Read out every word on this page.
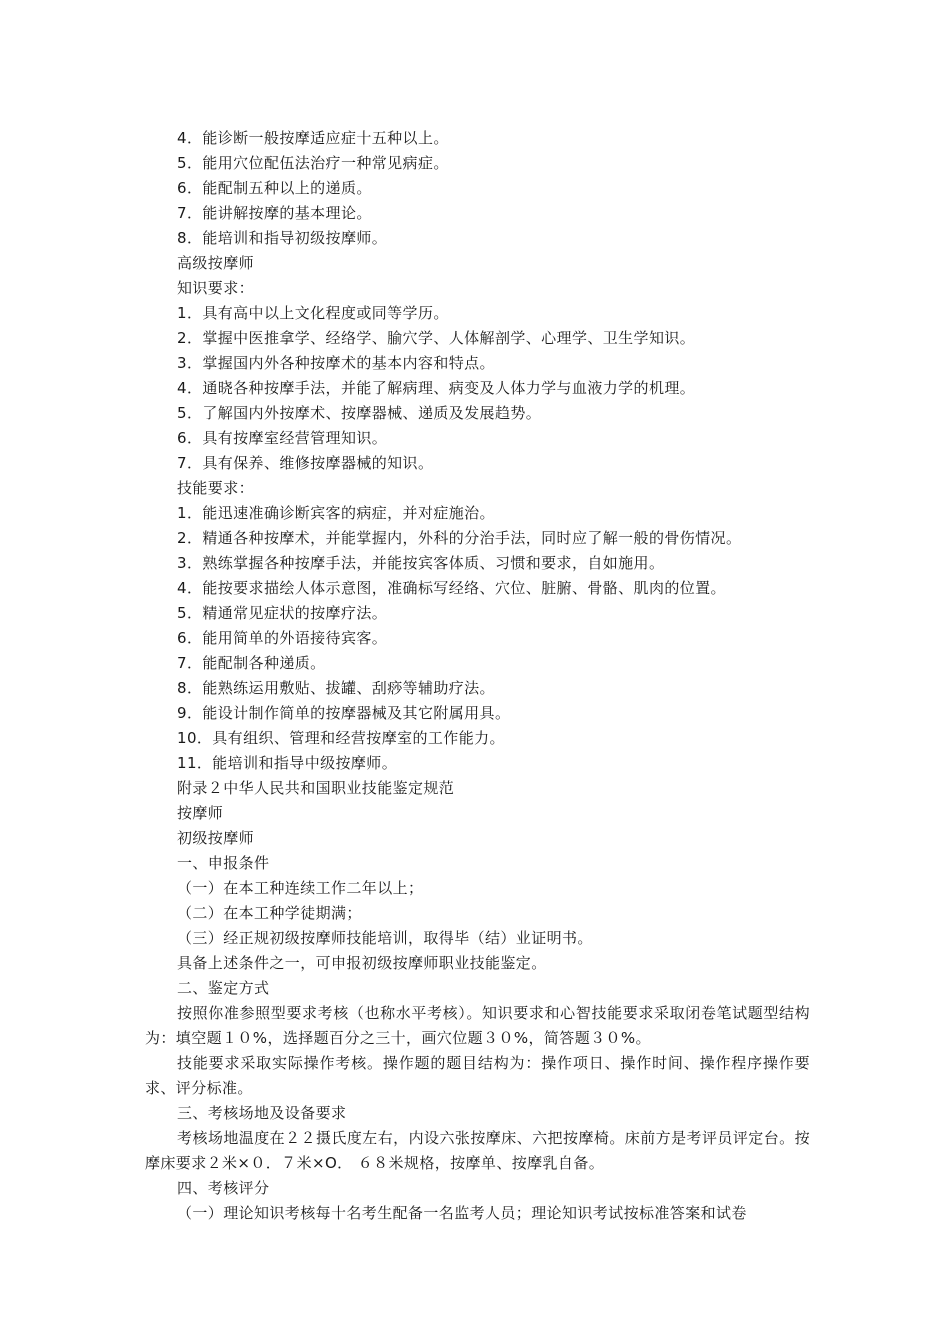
4．能诊断一般按摩适应症十五种以上。
5．能用穴位配伍法治疗一种常见病症。
6．能配制五种以上的递质。
7．能讲解按摩的基本理论。
8．能培训和指导初级按摩师。
高级按摩师
知识要求：
1．具有高中以上文化程度或同等学历。
2．掌握中医推拿学、经络学、腧穴学、人体解剖学、心理学、卫生学知识。
3．掌握国内外各种按摩术的基本内容和特点。
4．通晓各种按摩手法，并能了解病理、病变及人体力学与血液力学的机理。
5．了解国内外按摩术、按摩器械、递质及发展趋势。
6．具有按摩室经营管理知识。
7．具有保养、维修按摩器械的知识。
技能要求：
1．能迅速准确诊断宾客的病症，并对症施治。
2．精通各种按摩术，并能掌握内，外科的分治手法，同时应了解一般的骨伤情况。
3．熟练掌握各种按摩手法，并能按宾客体质、习惯和要求，自如施用。
4．能按要求描绘人体示意图，准确标写经络、穴位、脏腑、骨骼、肌肉的位置。
5．精通常见症状的按摩疗法。
6．能用简单的外语接待宾客。
7．能配制各种递质。
8．能熟练运用敷贴、拔罐、刮痧等辅助疗法。
9．能设计制作简单的按摩器械及其它附属用具。
10．具有组织、管理和经营按摩室的工作能力。
11．能培训和指导中级按摩师。
附录２中华人民共和国职业技能鉴定规范
按摩师
初级按摩师
一、申报条件
（一）在本工种连续工作二年以上；
（二）在本工种学徒期满；
（三）经正规初级按摩师技能培训，取得毕（结）业证明书。
具备上述条件之一，可申报初级按摩师职业技能鉴定。
二、鉴定方式
按照你准参照型要求考核（也称水平考核）。知识要求和心智技能要求采取闭卷笔试题型结构为：填空题１０%，选择题百分之三十，画穴位题３０%，简答题３０%。
技能要求采取实际操作考核。操作题的题目结构为：操作项日、操作时间、操作程序操作要求、评分标准。
三、考核场地及设备要求
考核场地温度在２２摄氏度左右，内设六张按摩床、六把按摩椅。床前方是考评员评定台。按摩床要求２米×０．７米×O． ６８米规格，按摩单、按摩乳自备。
四、考核评分
（一）理论知识考核每十名考生配备一名监考人员；理论知识考试按标准答案和试卷
